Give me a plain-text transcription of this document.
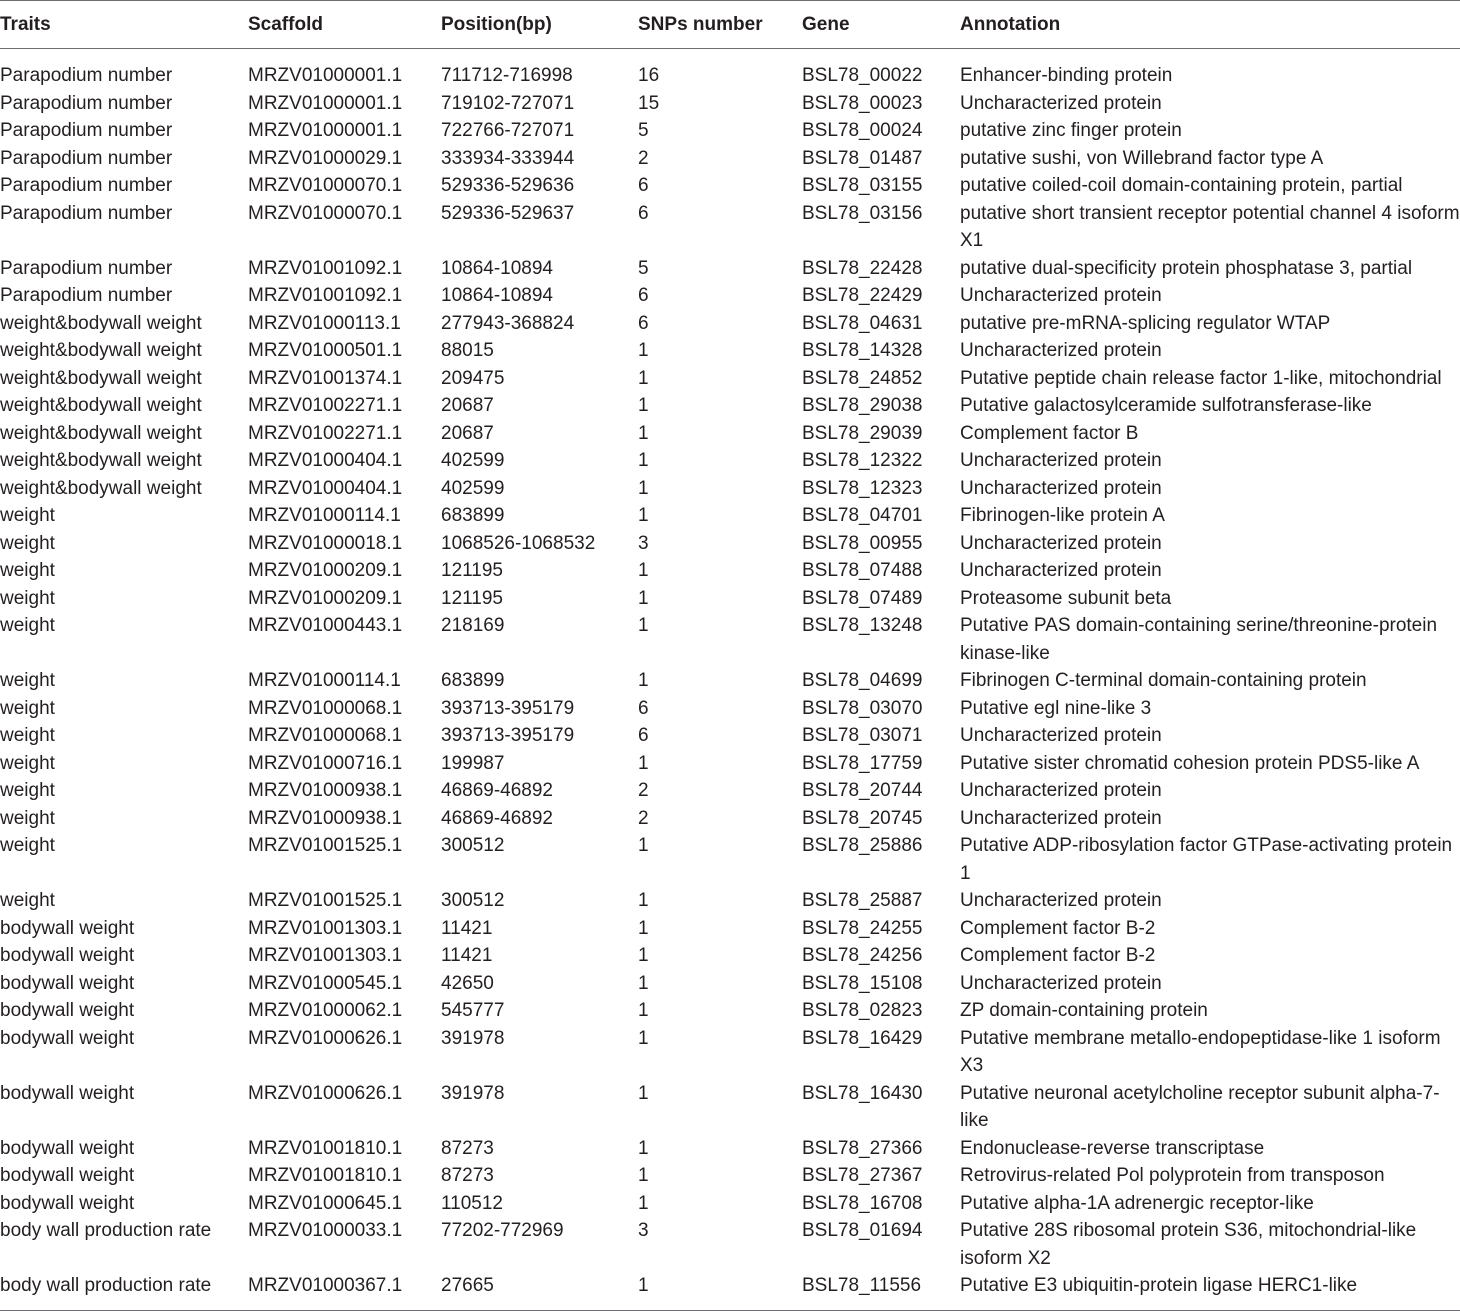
Traits	Scaffold	Position(bp)	SNPs number	Gene	Annotation
Parapodium number	MRZV01000001.1	711712-716998	16	BSL78_00022	Enhancer-binding protein
Parapodium number	MRZV01000001.1	719102-727071	15	BSL78_00023	Uncharacterized protein
Parapodium number	MRZV01000001.1	722766-727071	5	BSL78_00024	putative zinc finger protein
Parapodium number	MRZV01000029.1	333934-333944	2	BSL78_01487	putative sushi, von Willebrand factor type A
Parapodium number	MRZV01000070.1	529336-529636	6	BSL78_03155	putative coiled-coil domain-containing protein, partial
Parapodium number	MRZV01000070.1	529336-529637	6	BSL78_03156	putative short transient receptor potential channel 4 isoform X1
Parapodium number	MRZV01001092.1	10864-10894	5	BSL78_22428	putative dual-specificity protein phosphatase 3, partial
Parapodium number	MRZV01001092.1	10864-10894	6	BSL78_22429	Uncharacterized protein
weight&bodywall weight	MRZV01000113.1	277943-368824	6	BSL78_04631	putative pre-mRNA-splicing regulator WTAP
weight&bodywall weight	MRZV01000501.1	88015	1	BSL78_14328	Uncharacterized protein
weight&bodywall weight	MRZV01001374.1	209475	1	BSL78_24852	Putative peptide chain release factor 1-like, mitochondrial
weight&bodywall weight	MRZV01002271.1	20687	1	BSL78_29038	Putative galactosylceramide sulfotransferase-like
weight&bodywall weight	MRZV01002271.1	20687	1	BSL78_29039	Complement factor B
weight&bodywall weight	MRZV01000404.1	402599	1	BSL78_12322	Uncharacterized protein
weight&bodywall weight	MRZV01000404.1	402599	1	BSL78_12323	Uncharacterized protein
weight	MRZV01000114.1	683899	1	BSL78_04701	Fibrinogen-like protein A
weight	MRZV01000018.1	1068526-1068532	3	BSL78_00955	Uncharacterized protein
weight	MRZV01000209.1	121195	1	BSL78_07488	Uncharacterized protein
weight	MRZV01000209.1	121195	1	BSL78_07489	Proteasome subunit beta
weight	MRZV01000443.1	218169	1	BSL78_13248	Putative PAS domain-containing serine/threonine-protein kinase-like
weight	MRZV01000114.1	683899	1	BSL78_04699	Fibrinogen C-terminal domain-containing protein
weight	MRZV01000068.1	393713-395179	6	BSL78_03070	Putative egl nine-like 3
weight	MRZV01000068.1	393713-395179	6	BSL78_03071	Uncharacterized protein
weight	MRZV01000716.1	199987	1	BSL78_17759	Putative sister chromatid cohesion protein PDS5-like A
weight	MRZV01000938.1	46869-46892	2	BSL78_20744	Uncharacterized protein
weight	MRZV01000938.1	46869-46892	2	BSL78_20745	Uncharacterized protein
weight	MRZV01001525.1	300512	1	BSL78_25886	Putative ADP-ribosylation factor GTPase-activating protein 1
weight	MRZV01001525.1	300512	1	BSL78_25887	Uncharacterized protein
bodywall weight	MRZV01001303.1	11421	1	BSL78_24255	Complement factor B-2
bodywall weight	MRZV01001303.1	11421	1	BSL78_24256	Complement factor B-2
bodywall weight	MRZV01000545.1	42650	1	BSL78_15108	Uncharacterized protein
bodywall weight	MRZV01000062.1	545777	1	BSL78_02823	ZP domain-containing protein
bodywall weight	MRZV01000626.1	391978	1	BSL78_16429	Putative membrane metallo-endopeptidase-like 1 isoform X3
bodywall weight	MRZV01000626.1	391978	1	BSL78_16430	Putative neuronal acetylcholine receptor subunit alpha-7-like
bodywall weight	MRZV01001810.1	87273	1	BSL78_27366	Endonuclease-reverse transcriptase
bodywall weight	MRZV01001810.1	87273	1	BSL78_27367	Retrovirus-related Pol polyprotein from transposon
bodywall weight	MRZV01000645.1	110512	1	BSL78_16708	Putative alpha-1A adrenergic receptor-like
body wall production rate	MRZV01000033.1	77202-772969	3	BSL78_01694	Putative 28S ribosomal protein S36, mitochondrial-like isoform X2
body wall production rate	MRZV01000367.1	27665	1	BSL78_11556	Putative E3 ubiquitin-protein ligase HERC1-like
